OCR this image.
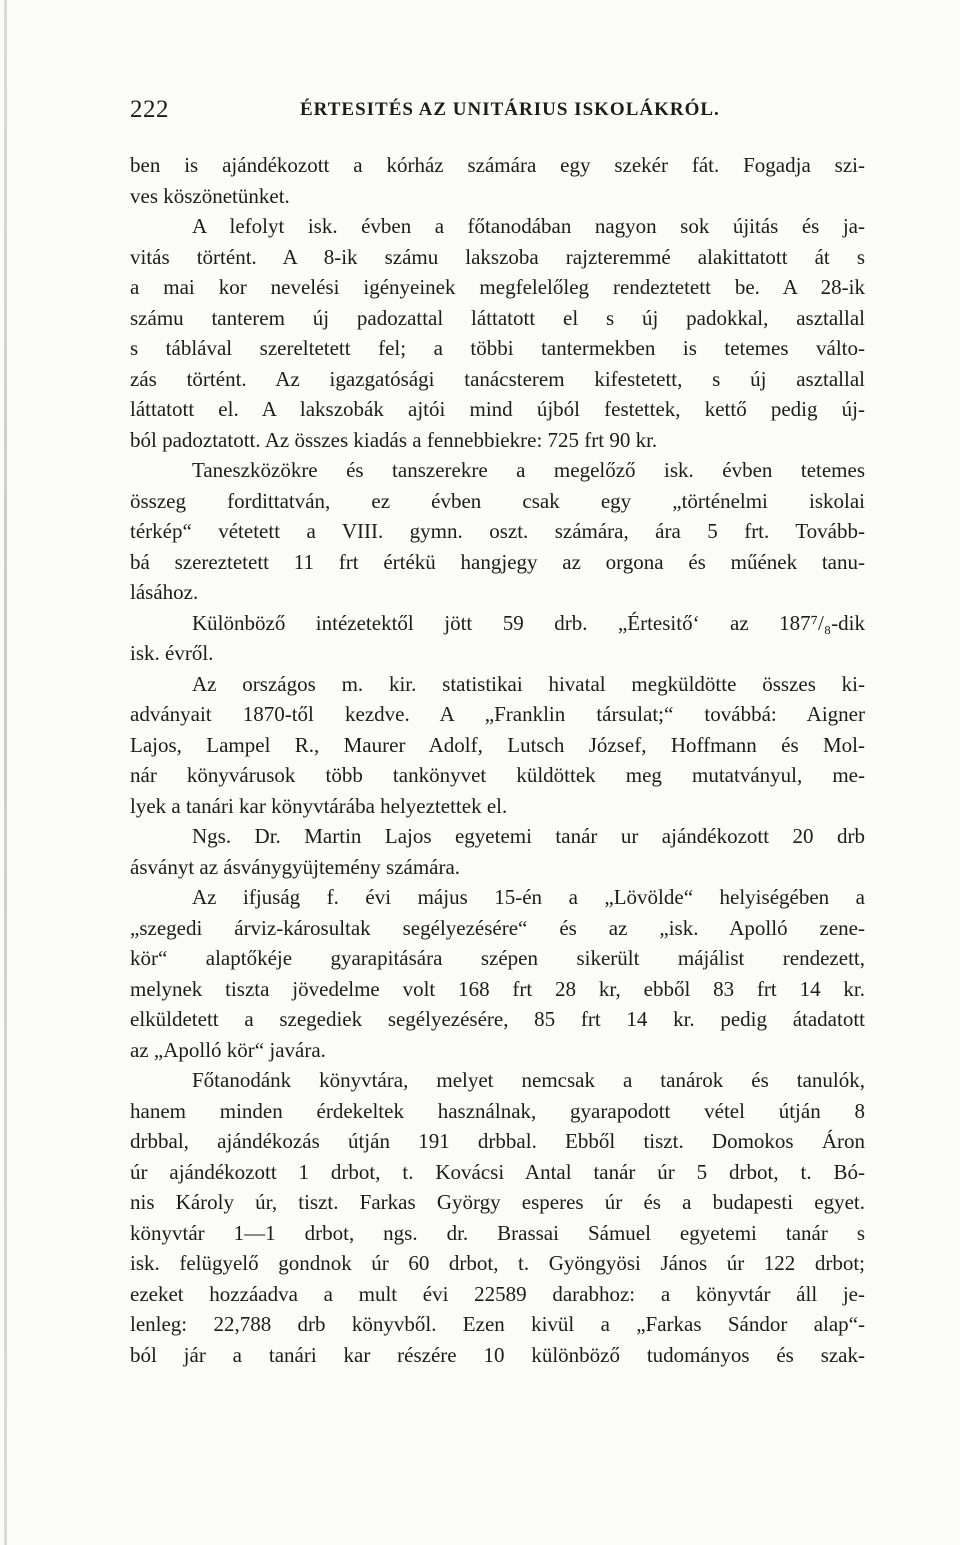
222	ÉRTESITÉS AZ UNITÁRIUS ISKOLÁKRÓL.
ben is ajándékozott a kórház számára egy szekér fát. Fogadja szi-
ves köszönetünket.
A lefolyt isk. évben a főtanodában nagyon sok újitás és ja-
vitás történt. A 8-ik számu lakszoba rajzteremmé alakittatott át s
a mai kor nevelési igényeinek megfelelőleg rendeztetett be. A 28-ik
számu tanterem új padozattal láttatott el s új padokkal, asztallal
s táblával szereltetett fel; a többi tantermekben is tetemes válto-
zás történt. Az igazgatósági tanácsterem kifestetett, s új asztallal
láttatott el. A lakszobák ajtói mind újból festettek, kettő pedig új-
ból padoztatott. Az összes kiadás a fennebbiekre: 725 frt 90 kr.
Taneszközökre és tanszerekre a megelőző isk. évben tetemes
összeg fordittatván, ez évben csak egy „történelmi iskolai
térkép“ vétetett a VIII. gymn. oszt. számára, ára 5 frt. Tovább-
bá szereztetett 11 frt értékü hangjegy az orgona és műének tanu-
lásához.
Különböző intézetektől jött 59 drb. „Értesitő‘ az 187⁷/₈-dik
isk. évről.
Az országos m. kir. statistikai hivatal megküldötte összes ki-
adványait 1870-től kezdve. A „Franklin társulat;“ továbbá: Aigner
Lajos, Lampel R., Maurer Adolf, Lutsch József, Hoffmann és Mol-
nár könyvárusok több tankönyvet küldöttek meg mutatványul, me-
lyek a tanári kar könyvtárába helyeztettek el.
Ngs. Dr. Martin Lajos egyetemi tanár ur ajándékozott 20 drb
ásványt az ásványgyüjtemény számára.
Az ifjuság f. évi május 15-én a „Lövölde“ helyiségében a
„szegedi árviz-károsultak segélyezésére“ és az „isk. Apolló zene-
kör“ alaptőkéje gyarapitására szépen sikerült májálist rendezett,
melynek tiszta jövedelme volt 168 frt 28 kr, ebből 83 frt 14 kr.
elküldetett a szegediek segélyezésére, 85 frt 14 kr. pedig átadatott
az „Apolló kör“ javára.
Főtanodánk könyvtára, melyet nemcsak a tanárok és tanulók,
hanem minden érdekeltek használnak, gyarapodott vétel útján 8
drbbal, ajándékozás útján 191 drbbal. Ebből tiszt. Domokos Áron
úr ajándékozott 1 drbot, t. Kovácsi Antal tanár úr 5 drbot, t. Bó-
nis Károly úr, tiszt. Farkas György esperes úr és a budapesti egyet.
könyvtár 1—1 drbot, ngs. dr. Brassai Sámuel egyetemi tanár s
isk. felügyelő gondnok úr 60 drbot, t. Gyöngyösi János úr 122 drbot;
ezeket hozzáadva a mult évi 22589 darabhoz: a könyvtár áll je-
lenleg: 22,788 drb könyvből. Ezen kivül a „Farkas Sándor alap“-
ból jár a tanári kar részére 10 különböző tudományos és szak-
